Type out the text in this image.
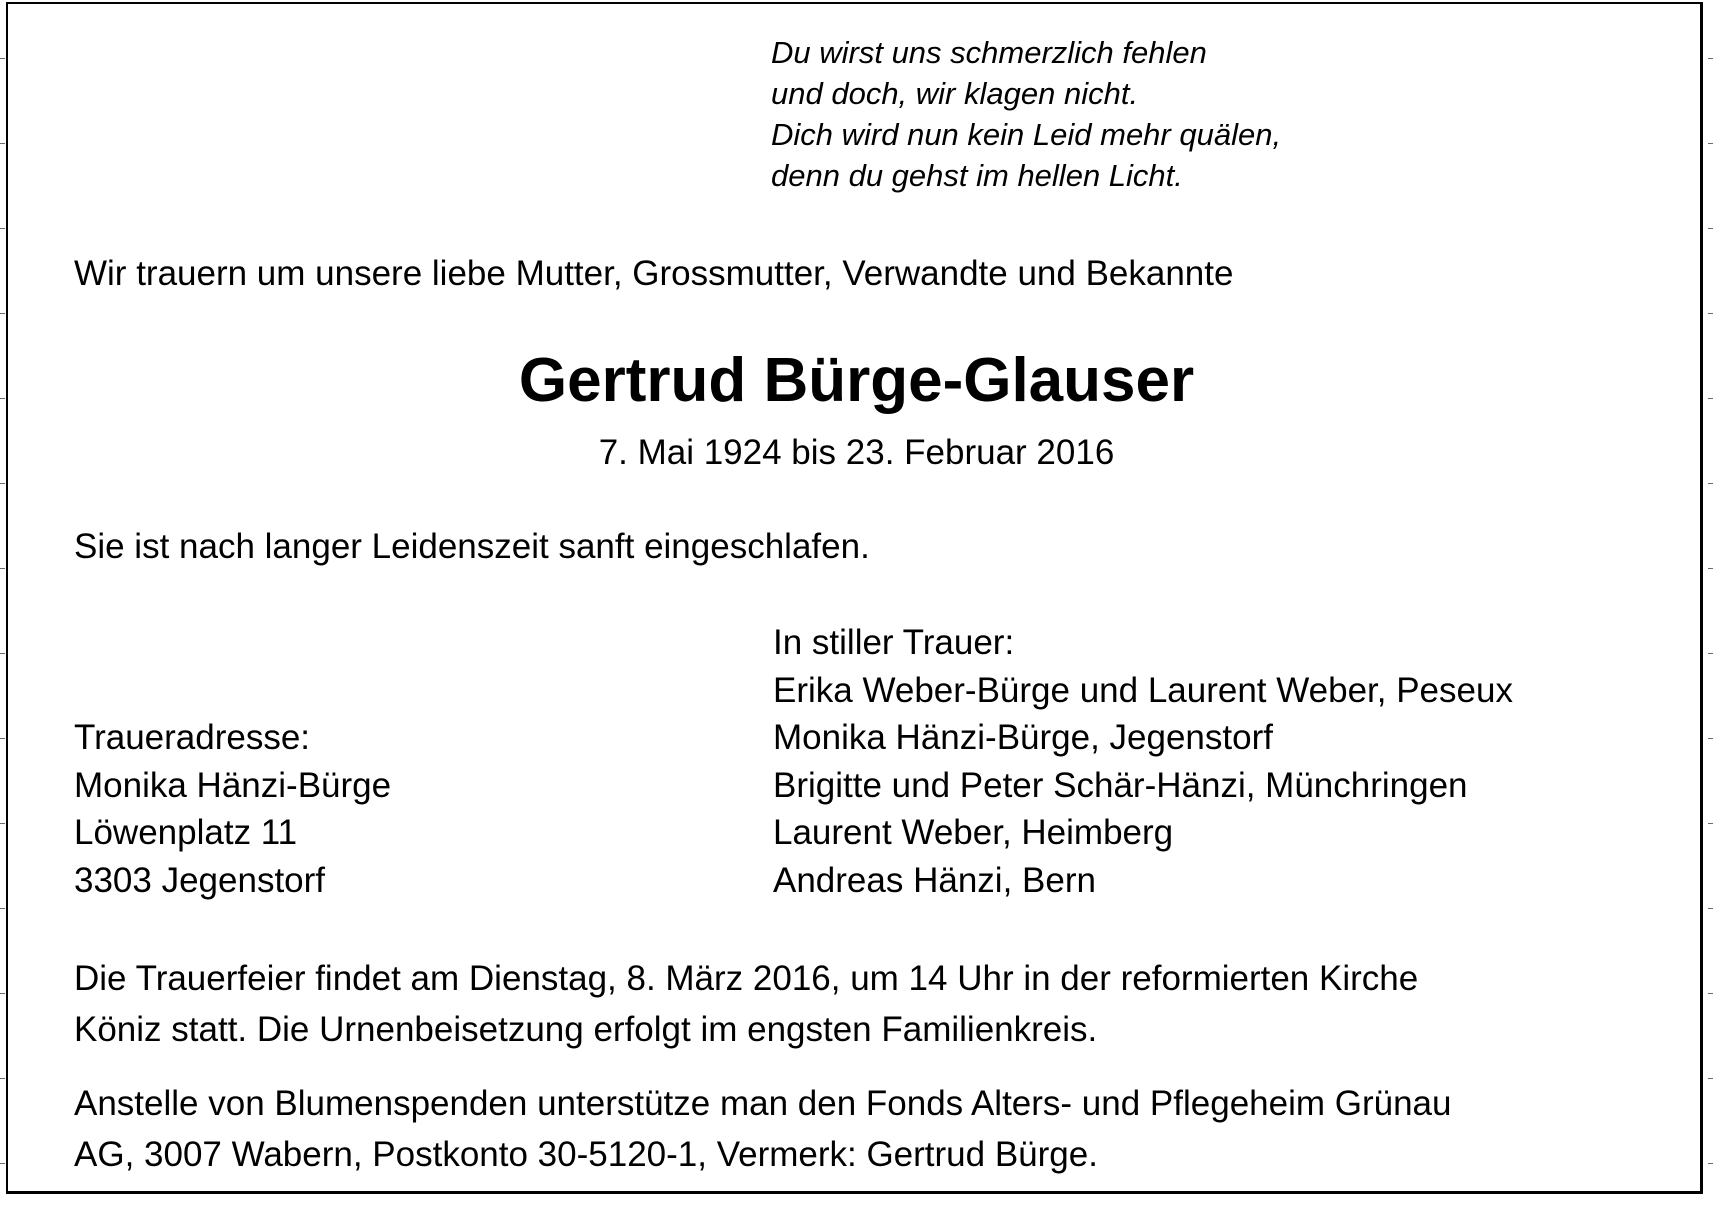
Du wirst uns schmerzlich fehlen
und doch, wir klagen nicht.
Dich wird nun kein Leid mehr quälen,
denn du gehst im hellen Licht.
Wir trauern um unsere liebe Mutter, Grossmutter, Verwandte und Bekannte
Gertrud Bürge-Glauser
7. Mai 1924 bis 23. Februar 2016
Sie ist nach langer Leidenszeit sanft eingeschlafen.
In stiller Trauer:
Erika Weber-Bürge und Laurent Weber, Peseux
Monika Hänzi-Bürge, Jegenstorf
Brigitte und Peter Schär-Hänzi, Münchringen
Laurent Weber, Heimberg
Andreas Hänzi, Bern
Traueradresse:
Monika Hänzi-Bürge
Löwenplatz 11
3303 Jegenstorf
Die Trauerfeier findet am Dienstag, 8. März 2016, um 14 Uhr in der reformierten Kirche
Köniz statt. Die Urnenbeisetzung erfolgt im engsten Familienkreis.
Anstelle von Blumenspenden unterstütze man den Fonds Alters- und Pflegeheim Grünau
AG, 3007 Wabern, Postkonto 30-5120-1, Vermerk: Gertrud Bürge.
